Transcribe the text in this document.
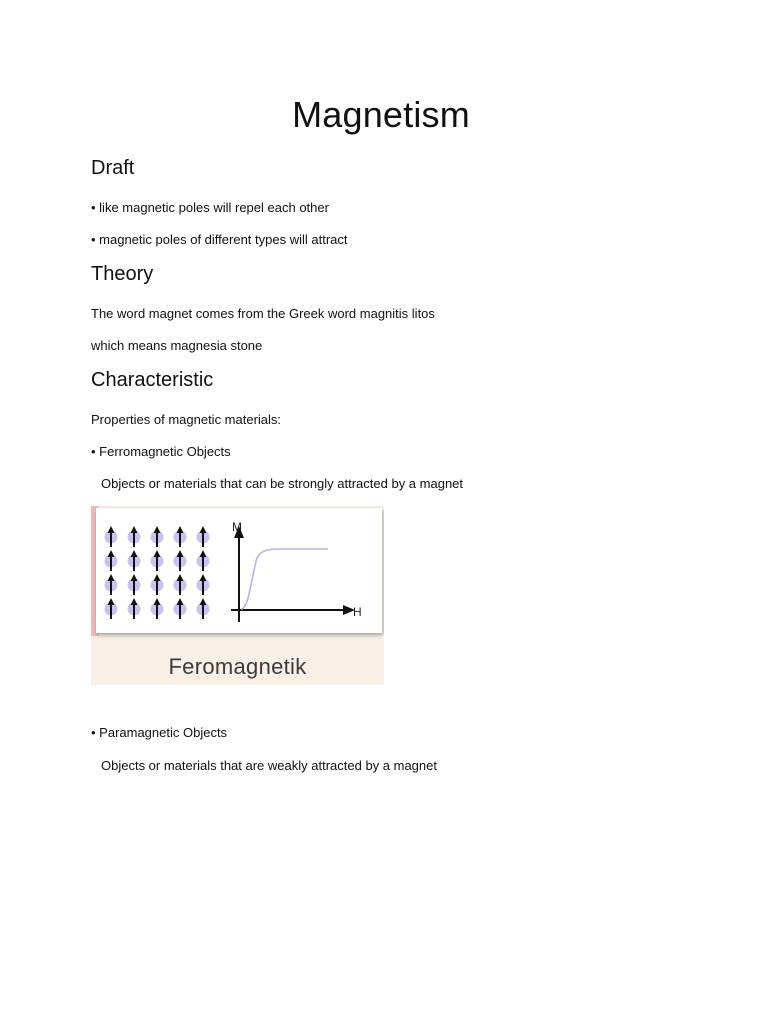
Magnetism
Draft

• like magnetic poles will repel each other

• magnetic poles of different types will attract

Theory

The word magnet comes from the Greek word magnitis litos

which means magnesia stone

Characteristic

Properties of magnetic materials:

• Ferromagnetic Objects

Objects or materials that can be strongly attracted by a magnet

M
H
Feromagnetik

• Paramagnetic Objects

Objects or materials that are weakly attracted by a magnet
